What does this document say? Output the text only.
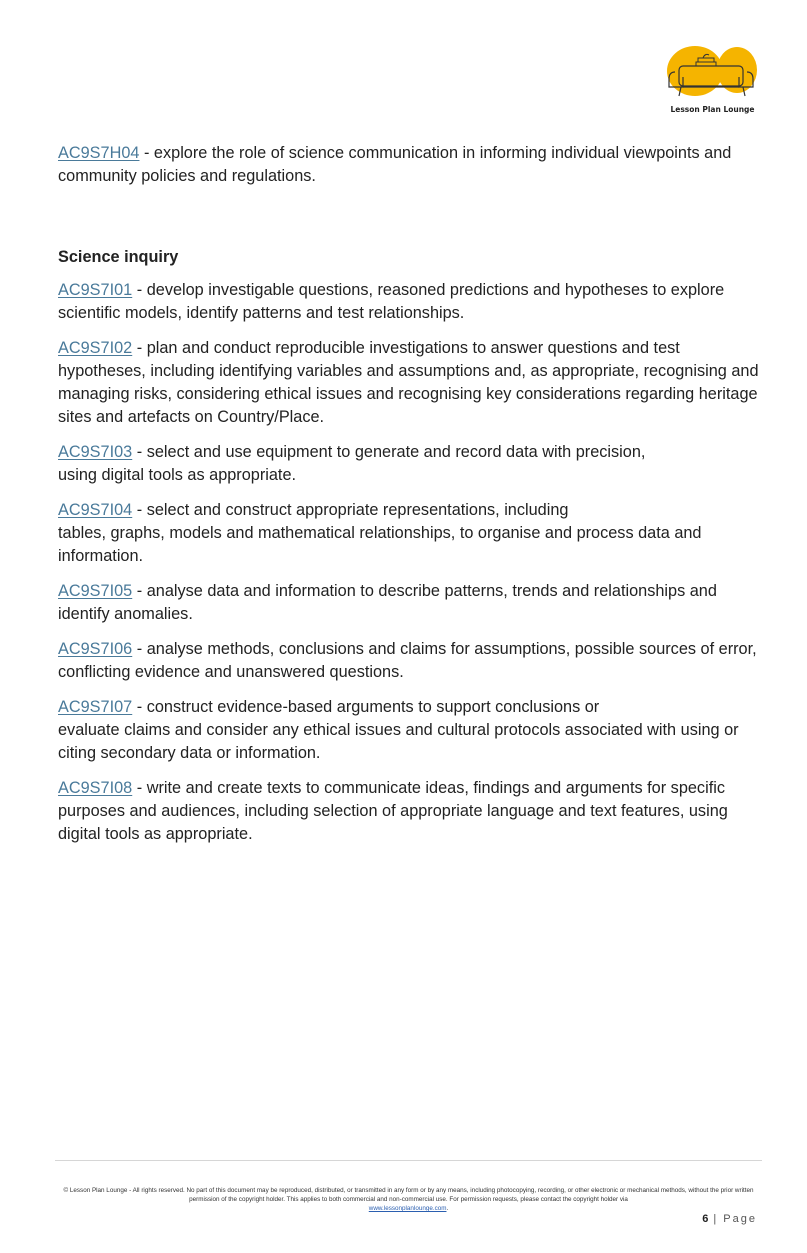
Lesson Plan Lounge

AC9S7H04 - explore the role of science communication in informing individual viewpoints and community policies and regulations.

Science inquiry

AC9S7I01 - develop investigable questions, reasoned predictions and hypotheses to explore scientific models, identify patterns and test relationships.

AC9S7I02 - plan and conduct reproducible investigations to answer questions and test hypotheses, including identifying variables and assumptions and, as appropriate, recognising and managing risks, considering ethical issues and recognising key considerations regarding heritage sites and artefacts on Country/Place.

AC9S7I03 - select and use equipment to generate and record data with precision,
using digital tools as appropriate.

AC9S7I04 - select and construct appropriate representations, including
tables, graphs, models and mathematical relationships, to organise and process data and information.

AC9S7I05 - analyse data and information to describe patterns, trends and relationships and identify anomalies.

AC9S7I06 - analyse methods, conclusions and claims for assumptions, possible sources of error, conflicting evidence and unanswered questions.

AC9S7I07 - construct evidence-based arguments to support conclusions or
evaluate claims and consider any ethical issues and cultural protocols associated with using or citing secondary data or information.

AC9S7I08 - write and create texts to communicate ideas, findings and arguments for specific purposes and audiences, including selection of appropriate language and text features, using digital tools as appropriate.

© Lesson Plan Lounge - All rights reserved. No part of this document may be reproduced, distributed, or transmitted in any form or by any means, including photocopying, recording, or other electronic or mechanical methods, without the prior written permission of the copyright holder. This applies to both commercial and non-commercial use. For permission requests, please contact the copyright holder via
www.lessonplanlounge.com.
6 | Page
